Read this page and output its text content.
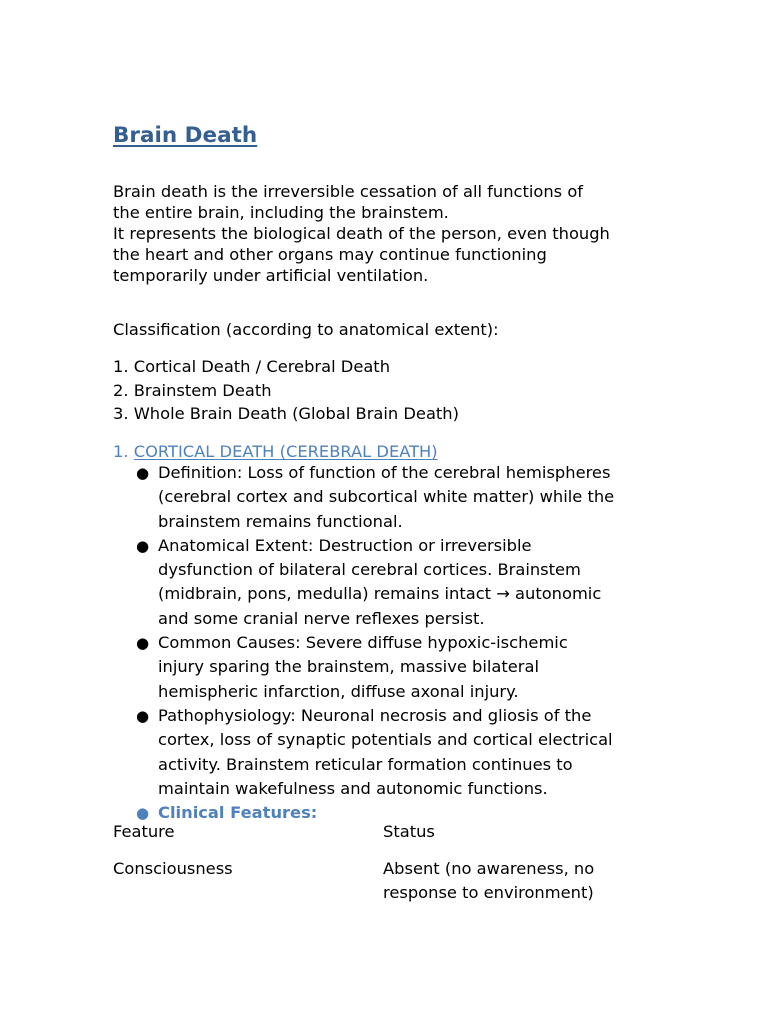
Brain Death
Brain death is the irreversible cessation of all functions of
the entire brain, including the brainstem.
It represents the biological death of the person, even though
the heart and other organs may continue functioning
temporarily under artificial ventilation.

Classification (according to anatomical extent):

1. Cortical Death / Cerebral Death
2. Brainstem Death
3. Whole Brain Death (Global Brain Death)
1. CORTICAL DEATH (CEREBRAL DEATH)
● Definition: Loss of function of the cerebral hemispheres
(cerebral cortex and subcortical white matter) while the
brainstem remains functional.
● Anatomical Extent: Destruction or irreversible
dysfunction of bilateral cerebral cortices. Brainstem
(midbrain, pons, medulla) remains intact → autonomic
and some cranial nerve reflexes persist.
● Common Causes: Severe diffuse hypoxic-ischemic
injury sparing the brainstem, massive bilateral
hemispheric infarction, diffuse axonal injury.
● Pathophysiology: Neuronal necrosis and gliosis of the
cortex, loss of synaptic potentials and cortical electrical
activity. Brainstem reticular formation continues to
maintain wakefulness and autonomic functions.
● Clinical Features:
Feature	Status
Consciousness	Absent (no awareness, no
response to environment)
